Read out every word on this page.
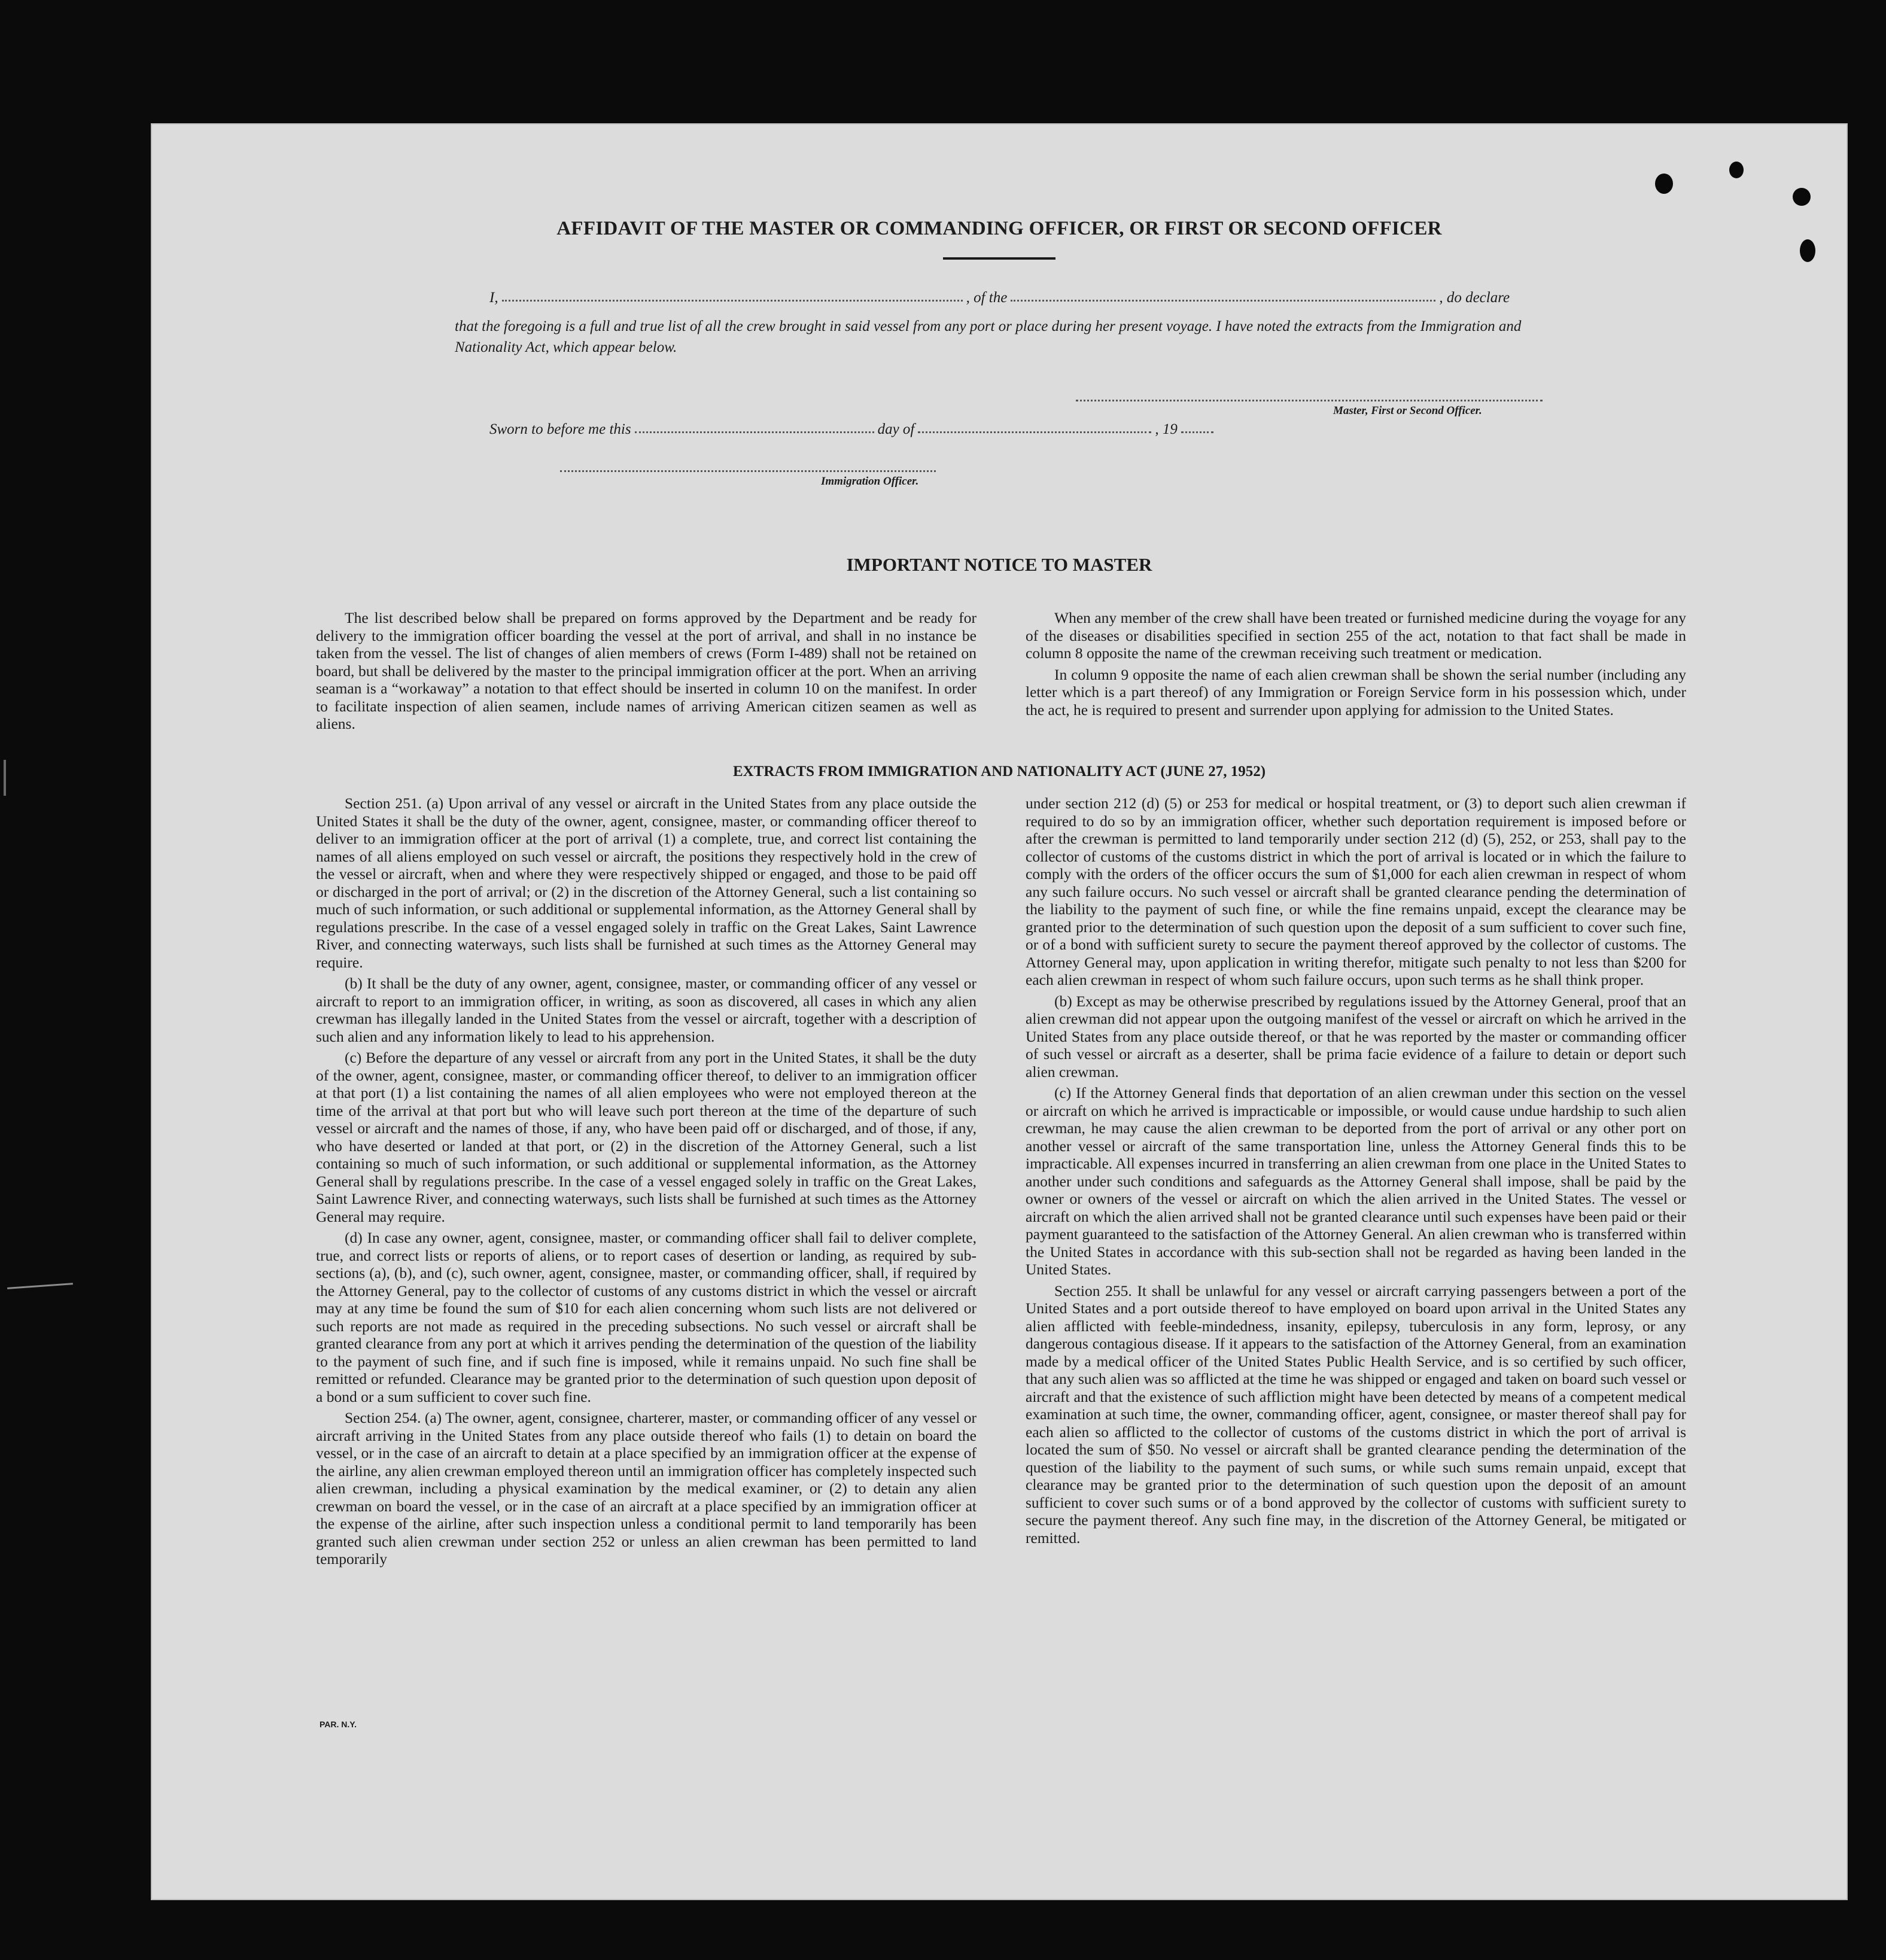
AFFIDAVIT OF THE MASTER OR COMMANDING OFFICER, OR FIRST OR SECOND OFFICER
I,	, of the	, do declare
that the foregoing is a full and true list of all the crew brought in said vessel from any port or place during her present voyage. I have noted the extracts from the Immigration and Nationality Act, which appear below.
Master, First or Second Officer.
Sworn to before me this	day of	, 19
Immigration Officer.
IMPORTANT NOTICE TO MASTER

The list described below shall be prepared on forms approved by the Department and be ready for delivery to the immigration officer boarding the vessel at the port of arrival, and shall in no instance be taken from the vessel. The list of changes of alien members of crews (Form I-489) shall not be retained on board, but shall be delivered by the master to the principal immigration officer at the port. When an arriving seaman is a “workaway” a notation to that effect should be inserted in column 10 on the manifest. In order to facilitate inspection of alien seamen, include names of arriving American citizen seamen as well as aliens.

When any member of the crew shall have been treated or furnished medicine during the voyage for any of the diseases or disabilities specified in section 255 of the act, notation to that fact shall be made in column 8 opposite the name of the crewman receiving such treatment or medication.

In column 9 opposite the name of each alien crewman shall be shown the serial number (including any letter which is a part thereof) of any Immigration or Foreign Service form in his possession which, under the act, he is required to present and surrender upon applying for admission to the United States.

EXTRACTS FROM IMMIGRATION AND NATIONALITY ACT (JUNE 27, 1952)

Section 251. (a) Upon arrival of any vessel or aircraft in the United States from any place outside the United States it shall be the duty of the owner, agent, consignee, master, or commanding officer thereof to deliver to an immigration officer at the port of arrival (1) a complete, true, and correct list containing the names of all aliens employed on such vessel or aircraft, the positions they respectively hold in the crew of the vessel or aircraft, when and where they were respectively shipped or engaged, and those to be paid off or discharged in the port of arrival; or (2) in the discretion of the Attorney General, such a list containing so much of such information, or such additional or supplemental information, as the Attorney General shall by regulations prescribe. In the case of a vessel engaged solely in traffic on the Great Lakes, Saint Lawrence River, and connecting waterways, such lists shall be furnished at such times as the Attorney General may require.

(b) It shall be the duty of any owner, agent, consignee, master, or commanding officer of any vessel or aircraft to report to an immigration officer, in writing, as soon as discovered, all cases in which any alien crewman has illegally landed in the United States from the vessel or aircraft, together with a description of such alien and any information likely to lead to his apprehension.

(c) Before the departure of any vessel or aircraft from any port in the United States, it shall be the duty of the owner, agent, consignee, master, or commanding officer thereof, to deliver to an immigration officer at that port (1) a list containing the names of all alien employees who were not employed thereon at the time of the arrival at that port but who will leave such port thereon at the time of the departure of such vessel or aircraft and the names of those, if any, who have been paid off or discharged, and of those, if any, who have deserted or landed at that port, or (2) in the discretion of the Attorney General, such a list containing so much of such information, or such additional or supplemental information, as the Attorney General shall by regulations prescribe. In the case of a vessel engaged solely in traffic on the Great Lakes, Saint Lawrence River, and connecting waterways, such lists shall be furnished at such times as the Attorney General may require.

(d) In case any owner, agent, consignee, master, or commanding officer shall fail to deliver complete, true, and correct lists or reports of aliens, or to report cases of desertion or landing, as required by sub-sections (a), (b), and (c), such owner, agent, consignee, master, or commanding officer, shall, if required by the Attorney General, pay to the collector of customs of any customs district in which the vessel or aircraft may at any time be found the sum of $10 for each alien concerning whom such lists are not delivered or such reports are not made as required in the preceding subsections. No such vessel or aircraft shall be granted clearance from any port at which it arrives pending the determination of the question of the liability to the payment of such fine, and if such fine is imposed, while it remains unpaid. No such fine shall be remitted or refunded. Clearance may be granted prior to the determination of such question upon deposit of a bond or a sum sufficient to cover such fine.

Section 254. (a) The owner, agent, consignee, charterer, master, or commanding officer of any vessel or aircraft arriving in the United States from any place outside thereof who fails (1) to detain on board the vessel, or in the case of an aircraft to detain at a place specified by an immigration officer at the expense of the airline, any alien crewman employed thereon until an immigration officer has completely inspected such alien crewman, including a physical examination by the medical examiner, or (2) to detain any alien crewman on board the vessel, or in the case of an aircraft at a place specified by an immigration officer at the expense of the airline, after such inspection unless a conditional permit to land temporarily has been granted such alien crewman under section 252 or unless an alien crewman has been permitted to land temporarily

under section 212 (d) (5) or 253 for medical or hospital treatment, or (3) to deport such alien crewman if required to do so by an immigration officer, whether such deportation requirement is imposed before or after the crewman is permitted to land temporarily under section 212 (d) (5), 252, or 253, shall pay to the collector of customs of the customs district in which the port of arrival is located or in which the failure to comply with the orders of the officer occurs the sum of $1,000 for each alien crewman in respect of whom any such failure occurs. No such vessel or aircraft shall be granted clearance pending the determination of the liability to the payment of such fine, or while the fine remains unpaid, except the clearance may be granted prior to the determination of such question upon the deposit of a sum sufficient to cover such fine, or of a bond with sufficient surety to secure the payment thereof approved by the collector of customs. The Attorney General may, upon application in writing therefor, mitigate such penalty to not less than $200 for each alien crewman in respect of whom such failure occurs, upon such terms as he shall think proper.

(b) Except as may be otherwise prescribed by regulations issued by the Attorney General, proof that an alien crewman did not appear upon the outgoing manifest of the vessel or aircraft on which he arrived in the United States from any place outside thereof, or that he was reported by the master or commanding officer of such vessel or aircraft as a deserter, shall be prima facie evidence of a failure to detain or deport such alien crewman.

(c) If the Attorney General finds that deportation of an alien crewman under this section on the vessel or aircraft on which he arrived is impracticable or impossible, or would cause undue hardship to such alien crewman, he may cause the alien crewman to be deported from the port of arrival or any other port on another vessel or aircraft of the same transportation line, unless the Attorney General finds this to be impracticable. All expenses incurred in transferring an alien crewman from one place in the United States to another under such conditions and safeguards as the Attorney General shall impose, shall be paid by the owner or owners of the vessel or aircraft on which the alien arrived in the United States. The vessel or aircraft on which the alien arrived shall not be granted clearance until such expenses have been paid or their payment guaranteed to the satisfaction of the Attorney General. An alien crewman who is transferred within the United States in accordance with this sub-section shall not be regarded as having been landed in the United States.

Section 255. It shall be unlawful for any vessel or aircraft carrying passengers between a port of the United States and a port outside thereof to have employed on board upon arrival in the United States any alien afflicted with feeble-mindedness, insanity, epilepsy, tuberculosis in any form, leprosy, or any dangerous contagious disease. If it appears to the satisfaction of the Attorney General, from an examination made by a medical officer of the United States Public Health Service, and is so certified by such officer, that any such alien was so afflicted at the time he was shipped or engaged and taken on board such vessel or aircraft and that the existence of such affliction might have been detected by means of a competent medical examination at such time, the owner, commanding officer, agent, consignee, or master thereof shall pay for each alien so afflicted to the collector of customs of the customs district in which the port of arrival is located the sum of $50. No vessel or aircraft shall be granted clearance pending the determination of the question of the liability to the payment of such sums, or while such sums remain unpaid, except that clearance may be granted prior to the determination of such question upon the deposit of an amount sufficient to cover such sums or of a bond approved by the collector of customs with sufficient surety to secure the payment thereof. Any such fine may, in the discretion of the Attorney General, be mitigated or remitted.

PAR. N.Y.
